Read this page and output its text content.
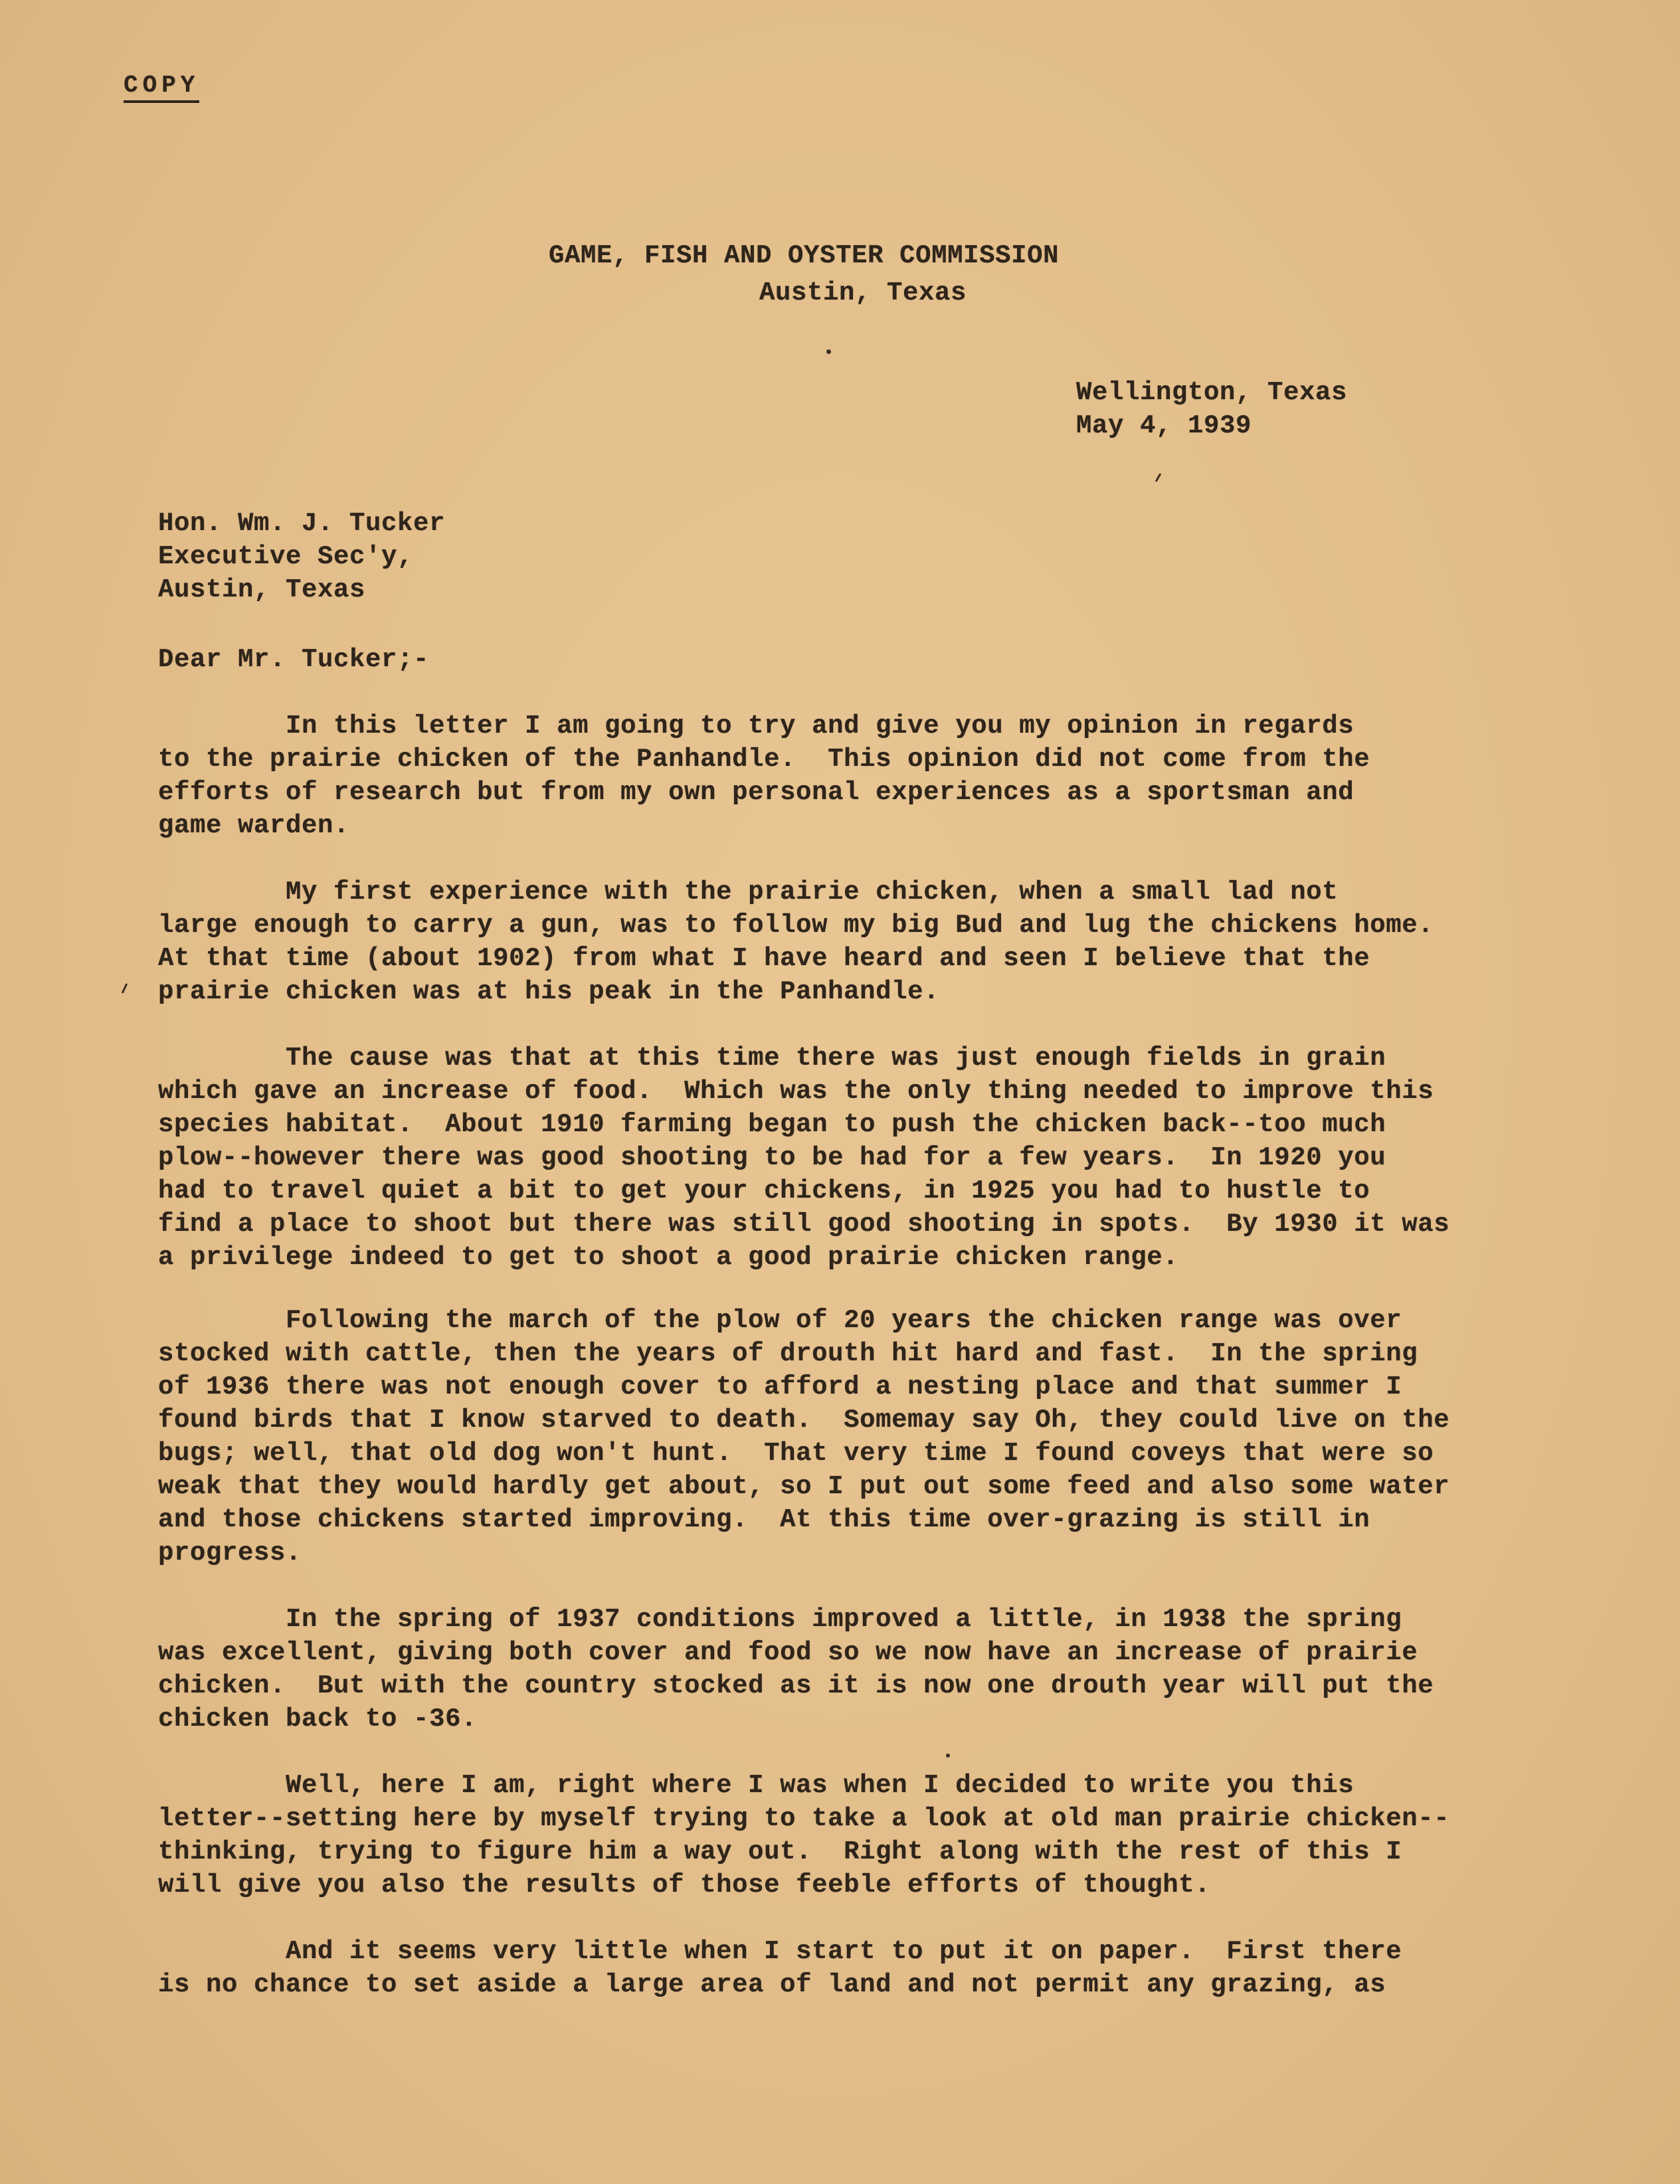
COPY
GAME, FISH AND OYSTER COMMISSION
Austin, Texas
Wellington, Texas
May 4, 1939
Hon. Wm. J. Tucker
Executive Sec'y,
Austin, Texas
Dear Mr. Tucker;-
In this letter I am going to try and give you my opinion in regards
to the prairie chicken of the Panhandle.  This opinion did not come from the
efforts of research but from my own personal experiences as a sportsman and
game warden.
My first experience with the prairie chicken, when a small lad not
large enough to carry a gun, was to follow my big Bud and lug the chickens home.
At that time (about 1902) from what I have heard and seen I believe that the
prairie chicken was at his peak in the Panhandle.
The cause was that at this time there was just enough fields in grain
which gave an increase of food.  Which was the only thing needed to improve this
species habitat.  About 1910 farming began to push the chicken back--too much
plow--however there was good shooting to be had for a few years.  In 1920 you
had to travel quiet a bit to get your chickens, in 1925 you had to hustle to
find a place to shoot but there was still good shooting in spots.  By 1930 it was
a privilege indeed to get to shoot a good prairie chicken range.
Following the march of the plow of 20 years the chicken range was over
stocked with cattle, then the years of drouth hit hard and fast.  In the spring
of 1936 there was not enough cover to afford a nesting place and that summer I
found birds that I know starved to death.  Somemay say Oh, they could live on the
bugs; well, that old dog won't hunt.  That very time I found coveys that were so
weak that they would hardly get about, so I put out some feed and also some water
and those chickens started improving.  At this time over-grazing is still in
progress.
In the spring of 1937 conditions improved a little, in 1938 the spring
was excellent, giving both cover and food so we now have an increase of prairie
chicken.  But with the country stocked as it is now one drouth year will put the
chicken back to -36.
Well, here I am, right where I was when I decided to write you this
letter--setting here by myself trying to take a look at old man prairie chicken--
thinking, trying to figure him a way out.  Right along with the rest of this I
will give you also the results of those feeble efforts of thought.
And it seems very little when I start to put it on paper.  First there
is no chance to set aside a large area of land and not permit any grazing, as
